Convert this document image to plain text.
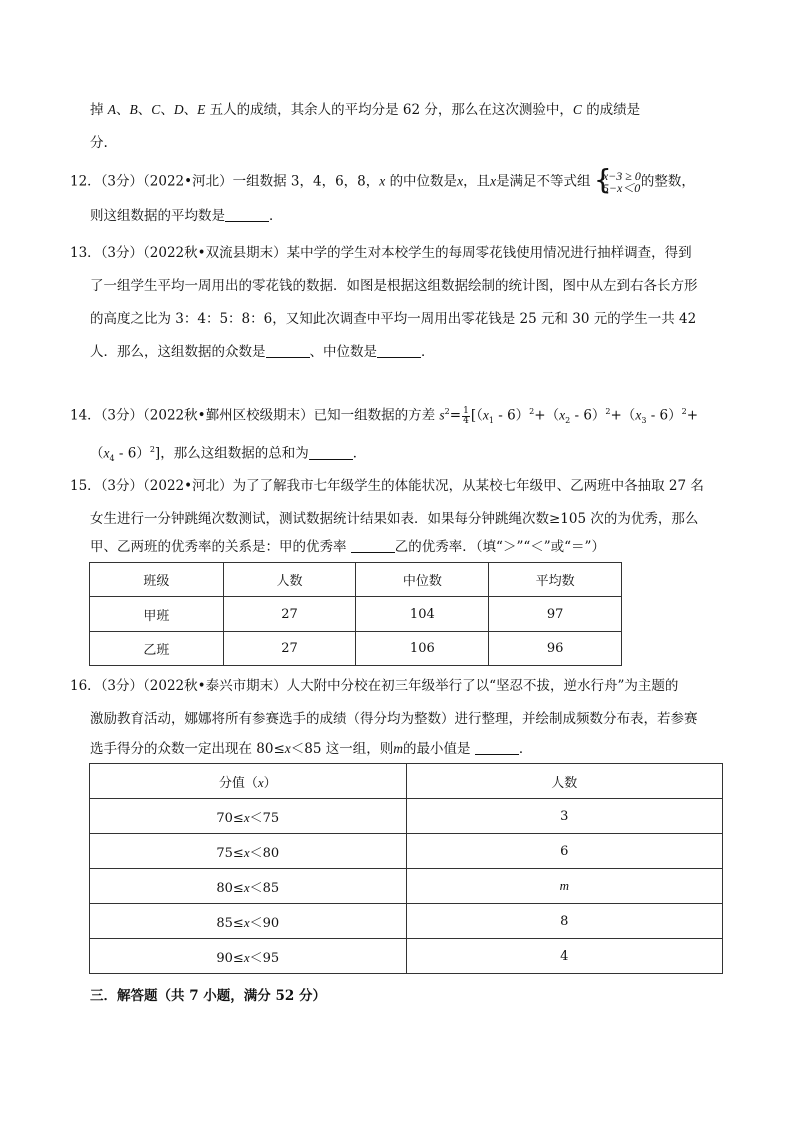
掉 A、B、C、D、E 五人的成绩，其余人的平均分是 62 分，那么在这次测验中，C 的成绩是
分.
12．（3分）（2022•河北）一组数据 3，4，6，8，x 的中位数是x，且x是满足不等式组 { x−3 ≥ 0
5−x＜0 的整数，
则这组数据的平均数是	．
13．（3分）（2022秋•双流县期末）某中学的学生对本校学生的每周零花钱使用情况进行抽样调查，得到
了一组学生平均一周用出的零花钱的数据．如图是根据这组数据绘制的统计图，图中从左到右各长方形
的高度之比为 3：4：5：8：6，又知此次调查中平均一周用出零花钱是 25 元和 30 元的学生一共 42
人．那么，这组数据的众数是	、中位数是	．
14．（3分）（2022秋•鄞州区校级期末）已知一组数据的方差 $s^2= \frac{1}{4} [(x_1 - 6)^2+(x_2 - 6)^2+(x_3 - 6)^2+$
$(x_4 - 6)^2$]，那么这组数据的总和为	．
15．（3分）（2022•河北）为了了解我市七年级学生的体能状况，从某校七年级甲、乙两班中各抽取 27 名
女生进行一分钟跳绳次数测试，测试数据统计结果如表．如果每分钟跳绳次数≥105 次的为优秀，那么
甲、乙两班的优秀率的关系是：甲的优秀率	乙的优秀率．（填“＞”“＜”或“＝”）
班级	人数	中位数	平均数
甲班	27	104	97
乙班	27	106	96
16．（3分）（2022秋•泰兴市期末）人大附中分校在初三年级举行了以“坚忍不拔，逆水行舟”为主题的
激励教育活动，娜娜将所有参赛选手的成绩（得分均为整数）进行整理，并绘制成频数分布表，若参赛
选手得分的众数一定出现在 80≤x＜85 这一组，则m的最小值是	．
分值（x）	人数
70≤x＜75	3
75≤x＜80	6
80≤x＜85	m
85≤x＜90	8
90≤x＜95	4
三．解答题（共 7 小题，满分 52 分）
